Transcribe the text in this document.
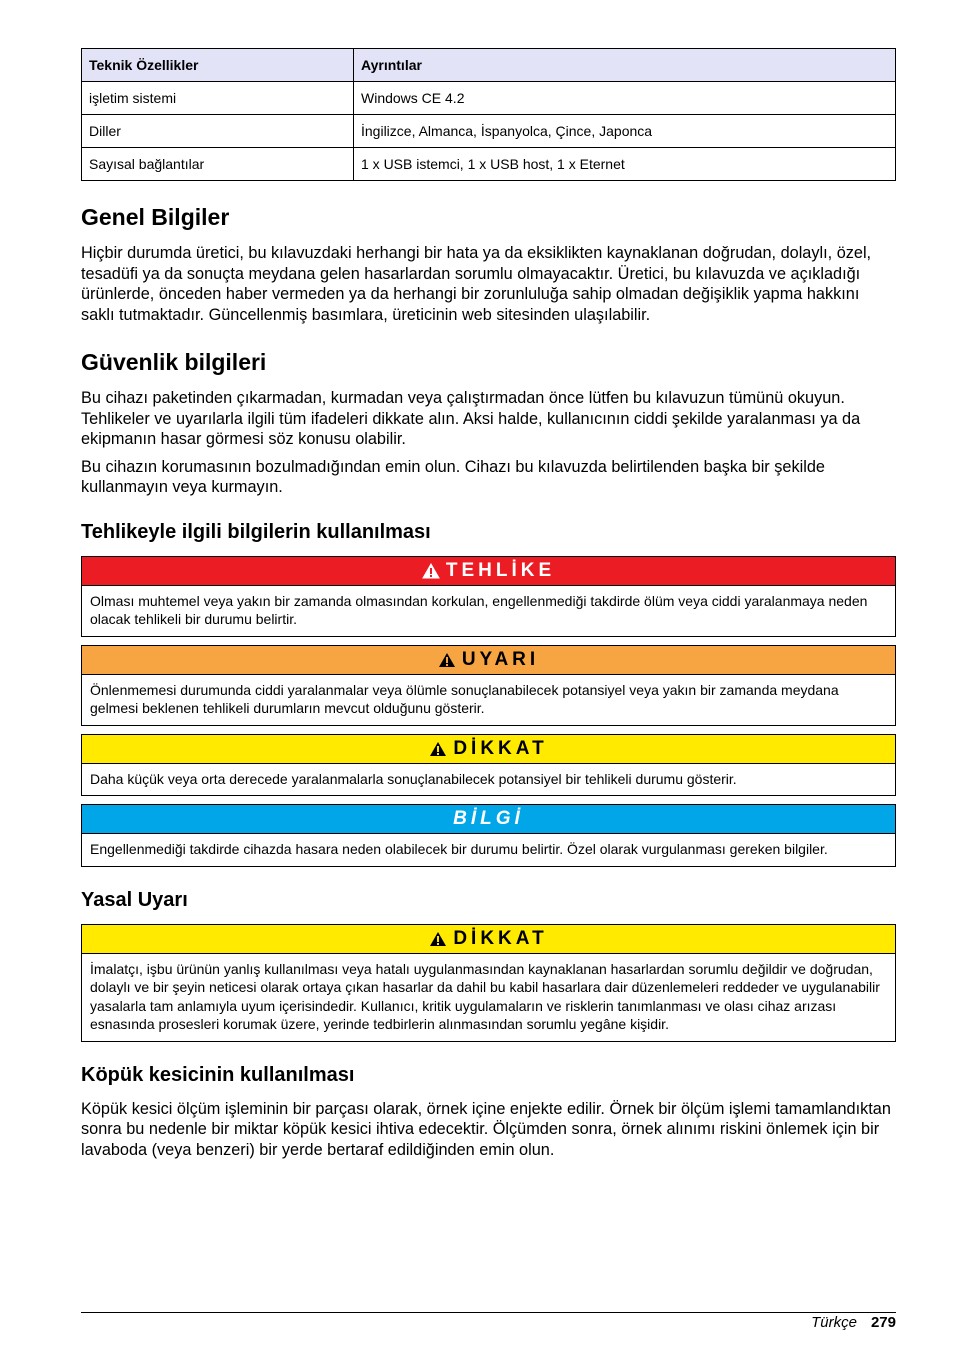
Teknik Özellikler	Ayrıntılar
işletim sistemi	Windows CE 4.2
Diller	İngilizce, Almanca, İspanyolca, Çince, Japonca
Sayısal bağlantılar	1 x USB istemci, 1 x USB host, 1 x Eternet
Genel Bilgiler

Hiçbir durumda üretici, bu kılavuzdaki herhangi bir hata ya da eksiklikten kaynaklanan doğrudan, dolaylı, özel, tesadüfi ya da sonuçta meydana gelen hasarlardan sorumlu olmayacaktır. Üretici, bu kılavuzda ve açıkladığı ürünlerde, önceden haber vermeden ya da herhangi bir zorunluluğa sahip olmadan değişiklik yapma hakkını saklı tutmaktadır. Güncellenmiş basımlara, üreticinin web sitesinden ulaşılabilir.

Güvenlik bilgileri

Bu cihazı paketinden çıkarmadan, kurmadan veya çalıştırmadan önce lütfen bu kılavuzun tümünü okuyun. Tehlikeler ve uyarılarla ilgili tüm ifadeleri dikkate alın. Aksi halde, kullanıcının ciddi şekilde yaralanması ya da ekipmanın hasar görmesi söz konusu olabilir.

Bu cihazın korumasının bozulmadığından emin olun. Cihazı bu kılavuzda belirtilenden başka bir şekilde kullanmayın veya kurmayın.

Tehlikeyle ilgili bilgilerin kullanılması
TEHLİKE
Olması muhtemel veya yakın bir zamanda olmasından korkulan, engellenmediği takdirde ölüm veya ciddi yaralanmaya neden olacak tehlikeli bir durumu belirtir.
UYARI
Önlenmemesi durumunda ciddi yaralanmalar veya ölümle sonuçlanabilecek potansiyel veya yakın bir zamanda meydana gelmesi beklenen tehlikeli durumların mevcut olduğunu gösterir.
DİKKAT
Daha küçük veya orta derecede yaralanmalarla sonuçlanabilecek potansiyel bir tehlikeli durumu gösterir.
BİLGİ
Engellenmediği takdirde cihazda hasara neden olabilecek bir durumu belirtir. Özel olarak vurgulanması gereken bilgiler.
Yasal Uyarı
DİKKAT
İmalatçı, işbu ürünün yanlış kullanılması veya hatalı uygulanmasından kaynaklanan hasarlardan sorumlu değildir ve doğrudan, dolaylı ve bir şeyin neticesi olarak ortaya çıkan hasarlar da dahil bu kabil hasarlara dair düzenlemeleri reddeder ve uygulanabilir yasalarla tam anlamıyla uyum içerisindedir. Kullanıcı, kritik uygulamaların ve risklerin tanımlanması ve olası cihaz arızası esnasında prosesleri korumak üzere, yerinde tedbirlerin alınmasından sorumlu yegâne kişidir.
Köpük kesicinin kullanılması

Köpük kesici ölçüm işleminin bir parçası olarak, örnek içine enjekte edilir. Örnek bir ölçüm işlemi tamamlandıktan sonra bu nedenle bir miktar köpük kesici ihtiva edecektir. Ölçümden sonra, örnek alınımı riskini önlemek için bir lavaboda (veya benzeri) bir yerde bertaraf edildiğinden emin olun.

Türkçe 279
